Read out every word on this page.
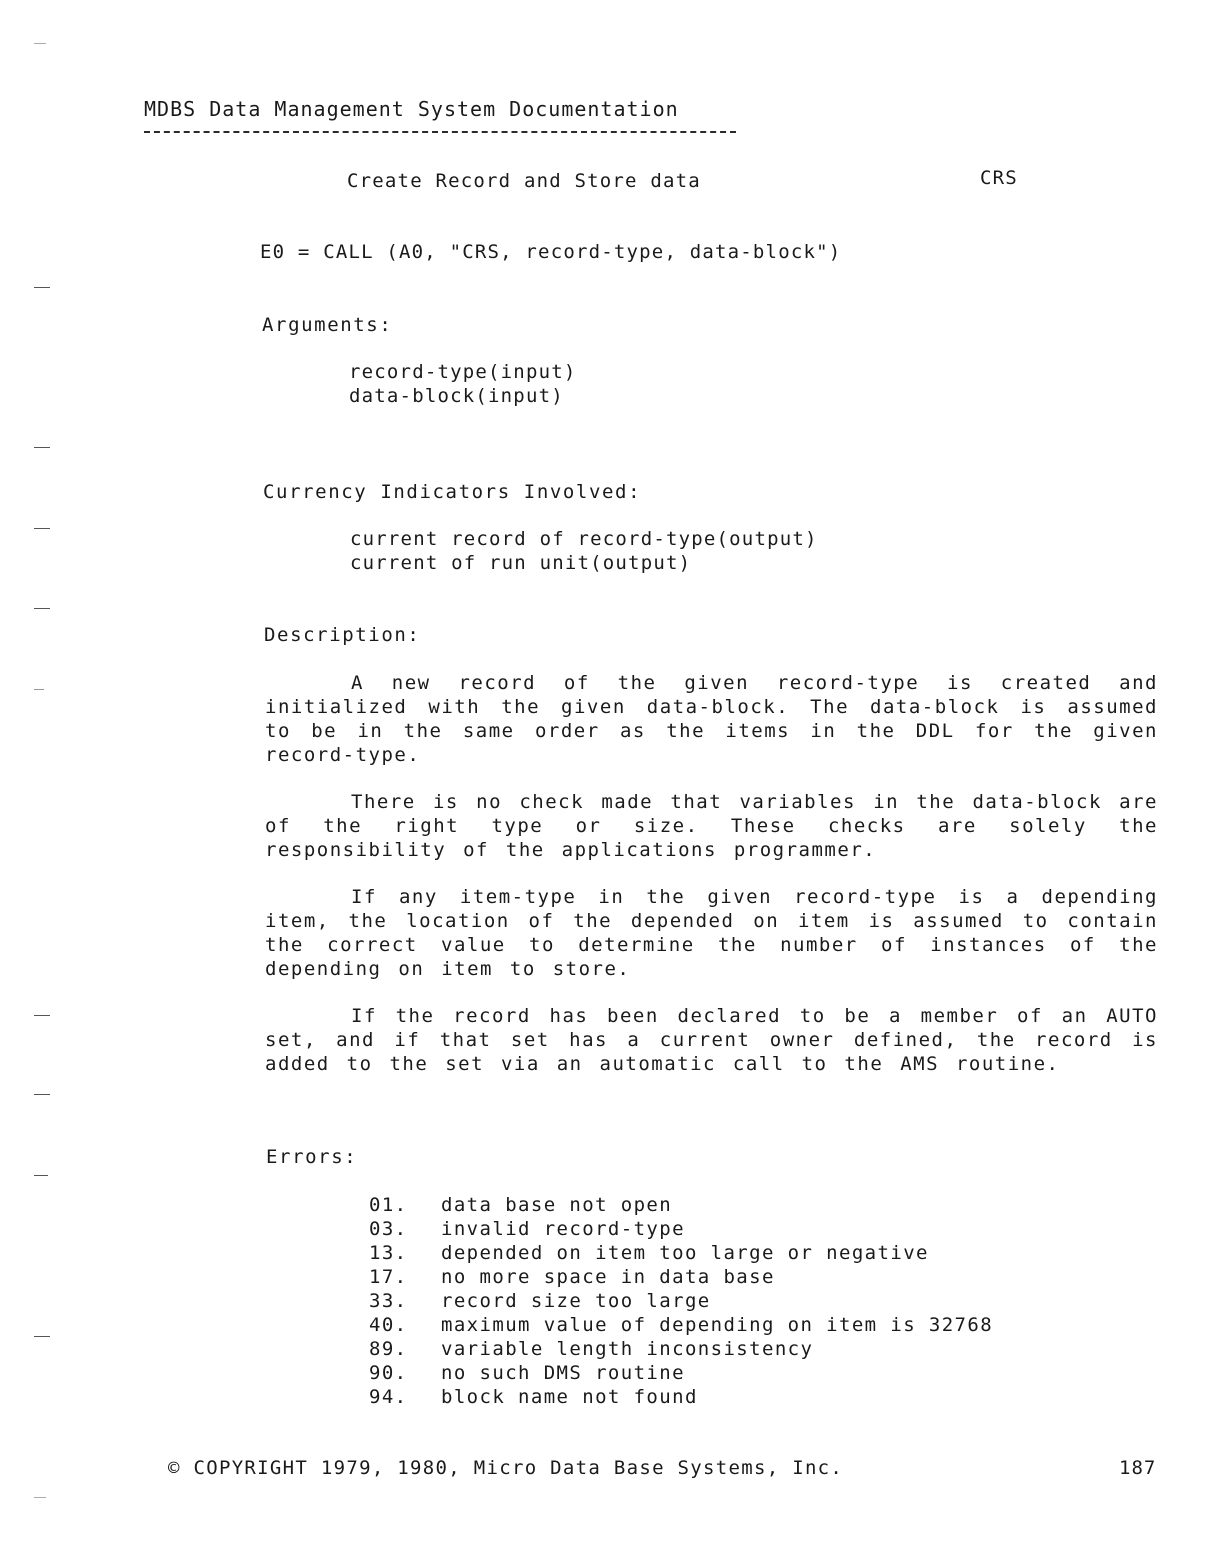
MDBS Data Management System Documentation
Create Record and Store data	CRS
E0 = CALL (A0, "CRS, record-type, data-block")
Arguments:
record-type(input)
data-block(input)
Currency Indicators Involved:
current record of record-type(output)
current of run unit(output)
Description:
A new record of the given record-type is created and initialized with the given data-block. The data-block is assumed to be in the same order as the items in the DDL for the given record-type.
There is no check made that variables in the data-block are of the right type or size. These checks are solely the responsibility of the applications programmer.
If any item-type in the given record-type is a depending item, the location of the depended on item is assumed to contain the correct value to determine the number of instances of the depending on item to store.
If the record has been declared to be a member of an AUTO set, and if that set has a current owner defined, the record is added to the set via an automatic call to the AMS routine.
Errors:
01. data base not open
03. invalid record-type
13. depended on item too large or negative
17. no more space in data base
33. record size too large
40. maximum value of depending on item is 32768
89. variable length inconsistency
90. no such DMS routine
94. block name not found
© COPYRIGHT 1979, 1980, Micro Data Base Systems, Inc.	187
